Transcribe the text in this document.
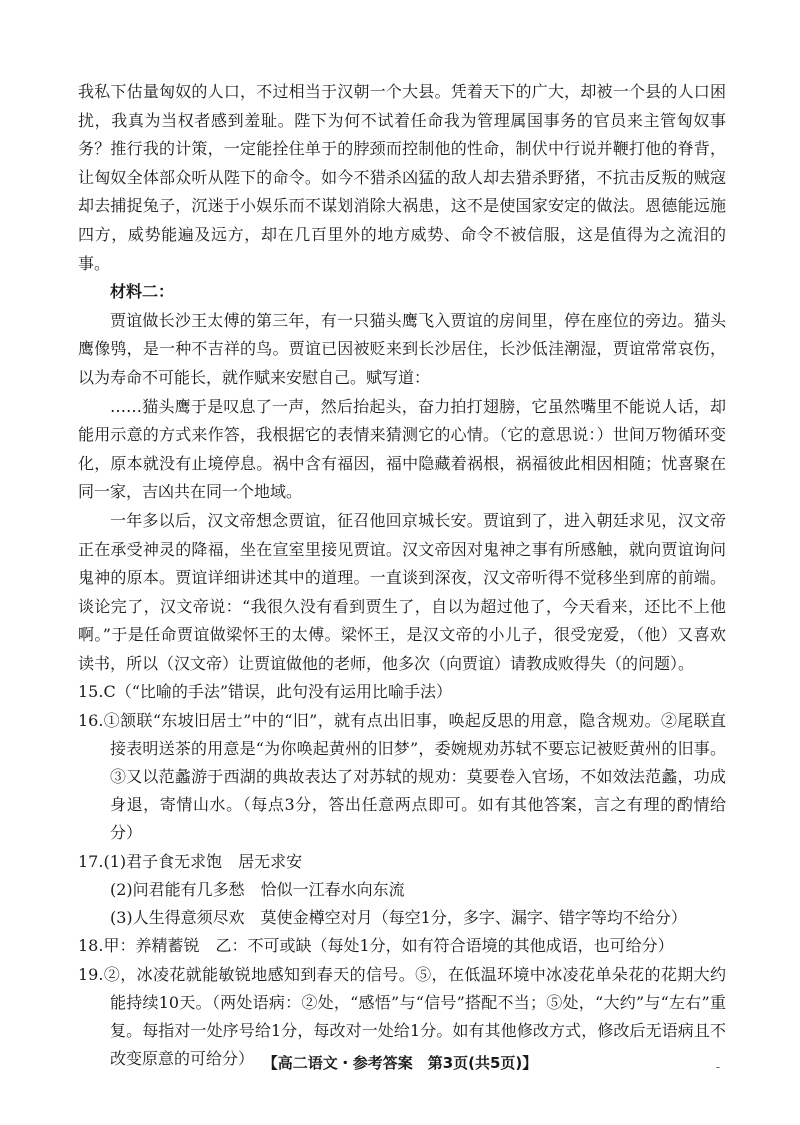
我私下估量匈奴的人口，不过相当于汉朝一个大县。凭着天下的广大，却被一个县的人口困扰，我真为当权者感到羞耻。陛下为何不试着任命我为管理属国事务的官员来主管匈奴事务？推行我的计策，一定能拴住单于的脖颈而控制他的性命，制伏中行说并鞭打他的脊背，让匈奴全体部众听从陛下的命令。如今不猎杀凶猛的敌人却去猎杀野猪，不抗击反叛的贼寇却去捕捉兔子，沉迷于小娱乐而不谋划消除大祸患，这不是使国家安定的做法。恩德能远施四方，威势能遍及远方，却在几百里外的地方威势、命令不被信服，这是值得为之流泪的事。

材料二：

贾谊做长沙王太傅的第三年，有一只猫头鹰飞入贾谊的房间里，停在座位的旁边。猫头鹰像鸮，是一种不吉祥的鸟。贾谊已因被贬来到长沙居住，长沙低洼潮湿，贾谊常常哀伤，以为寿命不可能长，就作赋来安慰自己。赋写道：

……猫头鹰于是叹息了一声，然后抬起头，奋力拍打翅膀，它虽然嘴里不能说人话，却能用示意的方式来作答，我根据它的表情来猜测它的心情。（它的意思说：）世间万物循环变化，原本就没有止境停息。祸中含有福因，福中隐藏着祸根，祸福彼此相因相随；忧喜聚在同一家，吉凶共在同一个地域。

一年多以后，汉文帝想念贾谊，征召他回京城长安。贾谊到了，进入朝廷求见，汉文帝正在承受神灵的降福，坐在宣室里接见贾谊。汉文帝因对鬼神之事有所感触，就向贾谊询问鬼神的原本。贾谊详细讲述其中的道理。一直谈到深夜，汉文帝听得不觉移坐到席的前端。谈论完了，汉文帝说：“我很久没有看到贾生了，自以为超过他了，今天看来，还比不上他啊。”于是任命贾谊做梁怀王的太傅。梁怀王，是汉文帝的小儿子，很受宠爱，（他）又喜欢读书，所以（汉文帝）让贾谊做他的老师，他多次（向贾谊）请教成败得失（的问题）。

15.C（“比喻的手法”错误，此句没有运用比喻手法）

16.①颔联“东坡旧居士”中的“旧”，就有点出旧事，唤起反思的用意，隐含规劝。②尾联直接表明送茶的用意是“为你唤起黄州的旧梦”，委婉规劝苏轼不要忘记被贬黄州的旧事。③又以范蠡游于西湖的典故表达了对苏轼的规劝：莫要卷入官场，不如效法范蠡，功成身退，寄情山水。（每点3分，答出任意两点即可。如有其他答案，言之有理的酌情给分）

17.(1)君子食无求饱　居无求安

(2)问君能有几多愁　恰似一江春水向东流

(3)人生得意须尽欢　莫使金樽空对月（每空1分，多字、漏字、错字等均不给分）

18.甲：养精蓄锐　乙：不可或缺（每处1分，如有符合语境的其他成语，也可给分）

19.②，冰凌花就能敏锐地感知到春天的信号。⑤，在低温环境中冰凌花单朵花的花期大约能持续10天。（两处语病：②处，“感悟”与“信号”搭配不当；⑤处，“大约”与“左右”重复。每指对一处序号给1分，每改对一处给1分。如有其他修改方式，修改后无语病且不改变原意的可给分） 【高二语文・参考答案　第3页(共5页)】	-
